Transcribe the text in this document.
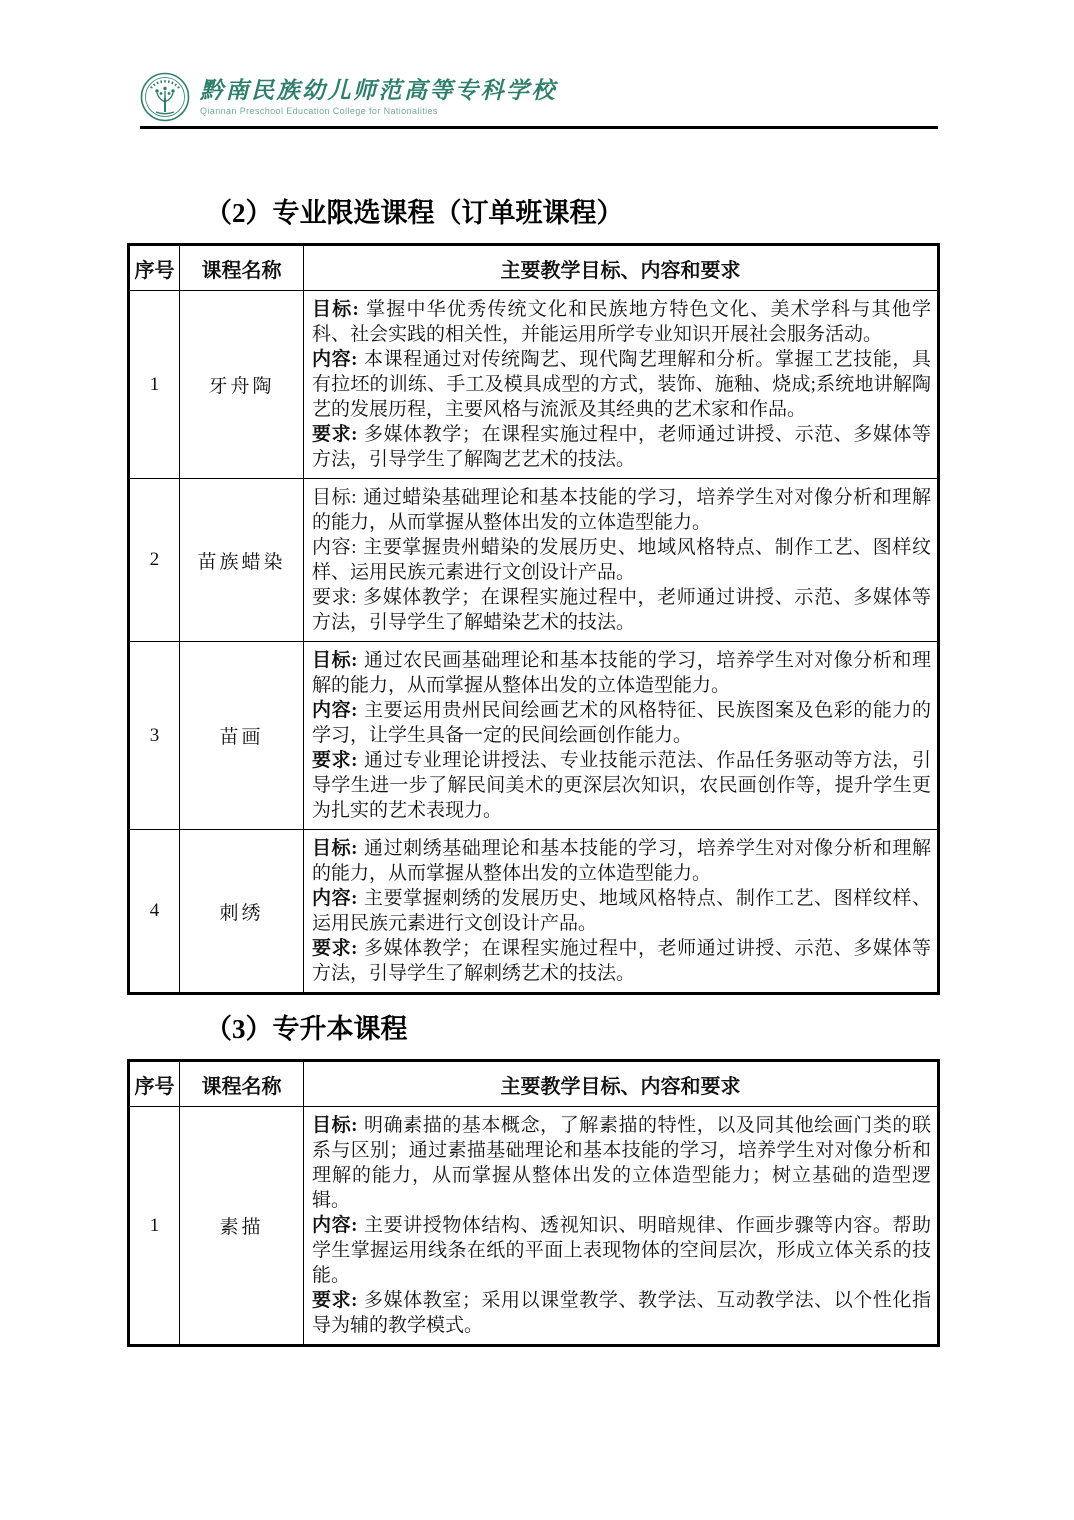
黔南民族幼儿师范高等专科学校
Qiannan Preschool Education College for Nationalities
（2）专业限选课程（订单班课程）
序号	课程名称	主要教学目标、内容和要求
1	牙舟陶	目标: 掌握中华优秀传统文化和民族地方特色文化、美术学科与其他学科、社会实践的相关性，并能运用所学专业知识开展社会服务活动。

内容: 本课程通过对传统陶艺、现代陶艺理解和分析。掌握工艺技能，具有拉坯的训练、手工及模具成型的方式，装饰、施釉、烧成;系统地讲解陶艺的发展历程，主要风格与流派及其经典的艺术家和作品。

要求: 多媒体教学；在课程实施过程中，老师通过讲授、示范、多媒体等方法，引导学生了解陶艺艺术的技法。

2	苗族蜡染	目标: 通过蜡染基础理论和基本技能的学习，培养学生对对像分析和理解的能力，从而掌握从整体出发的立体造型能力。

内容: 主要掌握贵州蜡染的发展历史、地域风格特点、制作工艺、图样纹样、运用民族元素进行文创设计产品。

要求: 多媒体教学；在课程实施过程中，老师通过讲授、示范、多媒体等方法，引导学生了解蜡染艺术的技法。

3	苗画	目标: 通过农民画基础理论和基本技能的学习，培养学生对对像分析和理解的能力，从而掌握从整体出发的立体造型能力。

内容: 主要运用贵州民间绘画艺术的风格特征、民族图案及色彩的能力的学习，让学生具备一定的民间绘画创作能力。

要求: 通过专业理论讲授法、专业技能示范法、作品任务驱动等方法，引导学生进一步了解民间美术的更深层次知识，农民画创作等，提升学生更为扎实的艺术表现力。

4	刺绣	目标: 通过刺绣基础理论和基本技能的学习，培养学生对对像分析和理解的能力，从而掌握从整体出发的立体造型能力。

内容: 主要掌握刺绣的发展历史、地域风格特点、制作工艺、图样纹样、运用民族元素进行文创设计产品。

要求: 多媒体教学；在课程实施过程中，老师通过讲授、示范、多媒体等方法，引导学生了解刺绣艺术的技法。

（3）专升本课程
序号	课程名称	主要教学目标、内容和要求
1	素描	目标: 明确素描的基本概念，了解素描的特性，以及同其他绘画门类的联系与区别；通过素描基础理论和基本技能的学习，培养学生对对像分析和理解的能力，从而掌握从整体出发的立体造型能力；树立基础的造型逻辑。

内容: 主要讲授物体结构、透视知识、明暗规律、作画步骤等内容。帮助学生掌握运用线条在纸的平面上表现物体的空间层次，形成立体关系的技能。

要求: 多媒体教室；采用以课堂教学、教学法、互动教学法、以个性化指导为辅的教学模式。
